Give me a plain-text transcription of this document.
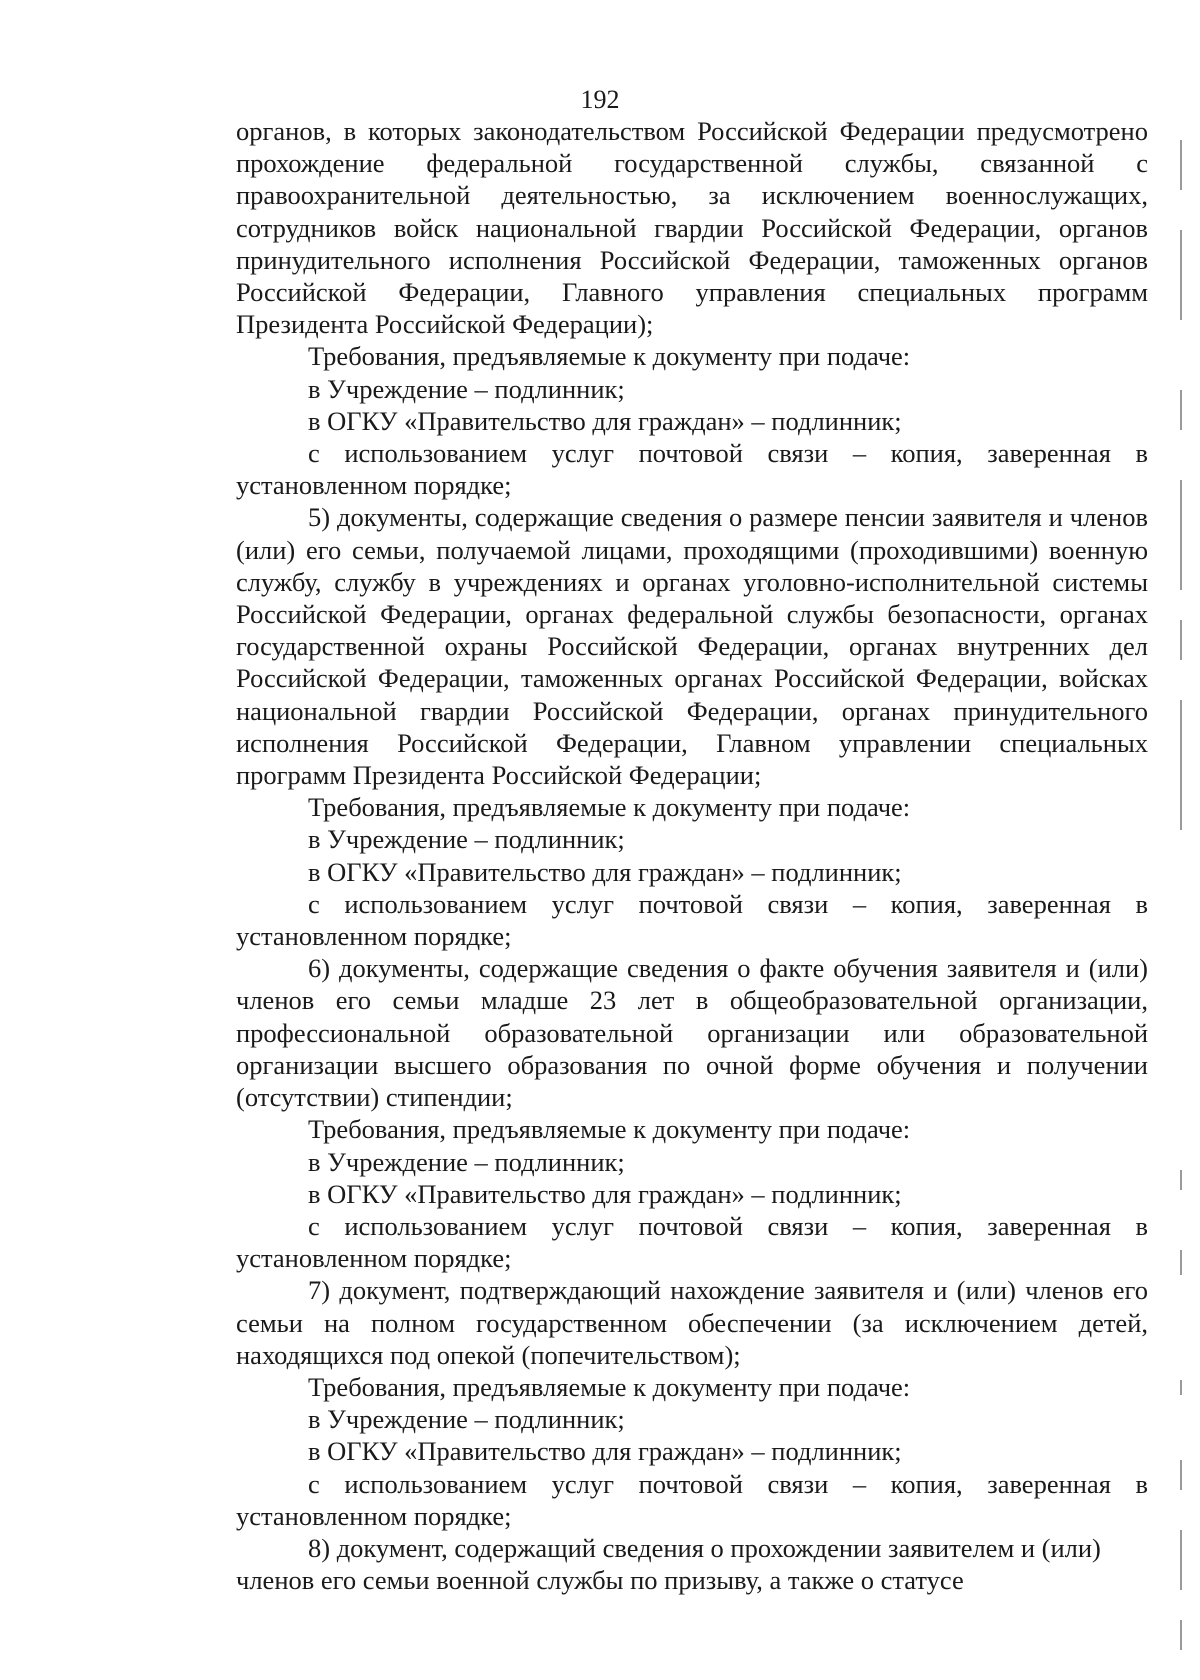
192

органов, в которых законодательством Российской Федерации предусмотрено прохождение федеральной государственной службы, связанной с правоохранительной деятельностью, за исключением военнослужащих, сотрудников войск национальной гвардии Российской Федерации, органов принудительного исполнения Российской Федерации, таможенных органов Российской Федерации, Главного управления специальных программ Президента Российской Федерации);

Требования, предъявляемые к документу при подаче:

в Учреждение – подлинник;

в ОГКУ «Правительство для граждан» – подлинник;

с использованием услуг почтовой связи – копия, заверенная в установленном порядке;

5) документы, содержащие сведения о размере пенсии заявителя и членов (или) его семьи, получаемой лицами, проходящими (проходившими) военную службу, службу в учреждениях и органах уголовно-исполнительной системы Российской Федерации, органах федеральной службы безопасности, органах государственной охраны Российской Федерации, органах внутренних дел Российской Федерации, таможенных органах Российской Федерации, войсках национальной гвардии Российской Федерации, органах принудительного исполнения Российской Федерации, Главном управлении специальных программ Президента Российской Федерации;

Требования, предъявляемые к документу при подаче:

в Учреждение – подлинник;

в ОГКУ «Правительство для граждан» – подлинник;

с использованием услуг почтовой связи – копия, заверенная в установленном порядке;

6) документы, содержащие сведения о факте обучения заявителя и (или) членов его семьи младше 23 лет в общеобразовательной организации, профессиональной образовательной организации или образовательной организации высшего образования по очной форме обучения и получении (отсутствии) стипендии;

Требования, предъявляемые к документу при подаче:

в Учреждение – подлинник;

в ОГКУ «Правительство для граждан» – подлинник;

с использованием услуг почтовой связи – копия, заверенная в установленном порядке;

7) документ, подтверждающий нахождение заявителя и (или) членов его семьи на полном государственном обеспечении (за исключением детей, находящихся под опекой (попечительством);

Требования, предъявляемые к документу при подаче:

в Учреждение – подлинник;

в ОГКУ «Правительство для граждан» – подлинник;

с использованием услуг почтовой связи – копия, заверенная в установленном порядке;

8) документ, содержащий сведения о прохождении заявителем и (или) членов его семьи военной службы по призыву, а также о статусе
